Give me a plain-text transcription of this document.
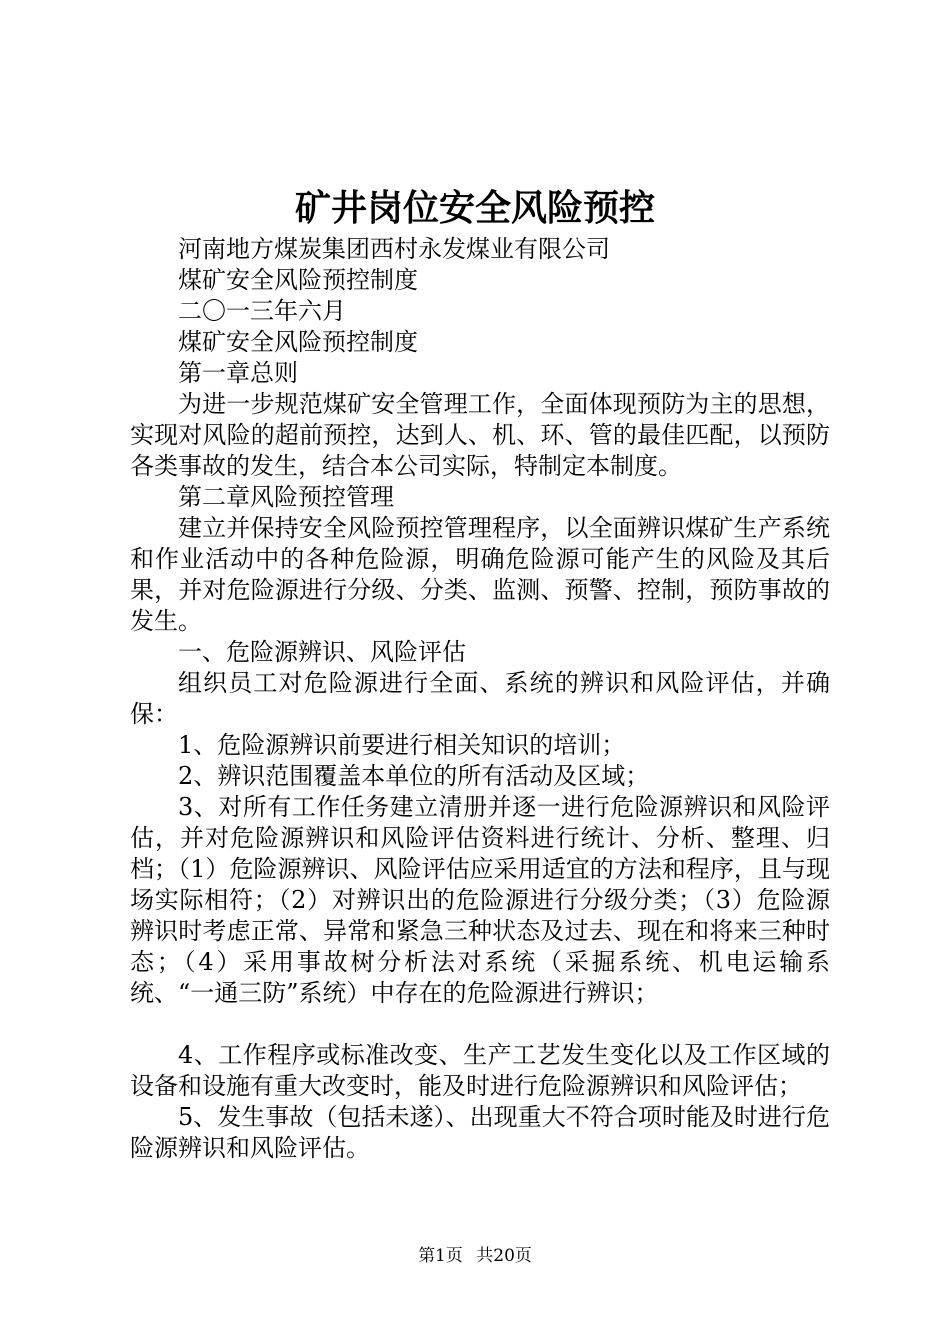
矿井岗位安全风险预控

河南地方煤炭集团西村永发煤业有限公司

煤矿安全风险预控制度

二〇一三年六月

煤矿安全风险预控制度

第一章总则

为进一步规范煤矿安全管理工作，全面体现预防为主的思想，实现对风险的超前预控，达到人、机、环、管的最佳匹配，以预防各类事故的发生，结合本公司实际，特制定本制度。

第二章风险预控管理

建立并保持安全风险预控管理程序，以全面辨识煤矿生产系统和作业活动中的各种危险源，明确危险源可能产生的风险及其后果，并对危险源进行分级、分类、监测、预警、控制，预防事故的发生。

一、危险源辨识、风险评估

组织员工对危险源进行全面、系统的辨识和风险评估，并确保：

1、危险源辨识前要进行相关知识的培训；

2、辨识范围覆盖本单位的所有活动及区域；

3、对所有工作任务建立清册并逐一进行危险源辨识和风险评估，并对危险源辨识和风险评估资料进行统计、分析、整理、归档；（1）危险源辨识、风险评估应采用适宜的方法和程序，且与现场实际相符；（2）对辨识出的危险源进行分级分类；（3）危险源辨识时考虑正常、异常和紧急三种状态及过去、现在和将来三种时态；（4）采用事故树分析法对系统（采掘系统、机电运输系统、“一通三防”系统）中存在的危险源进行辨识；

4、工作程序或标准改变、生产工艺发生变化以及工作区域的设备和设施有重大改变时，能及时进行危险源辨识和风险评估；

5、发生事故（包括未遂）、出现重大不符合项时能及时进行危险源辨识和风险评估。

第1页 共20页
